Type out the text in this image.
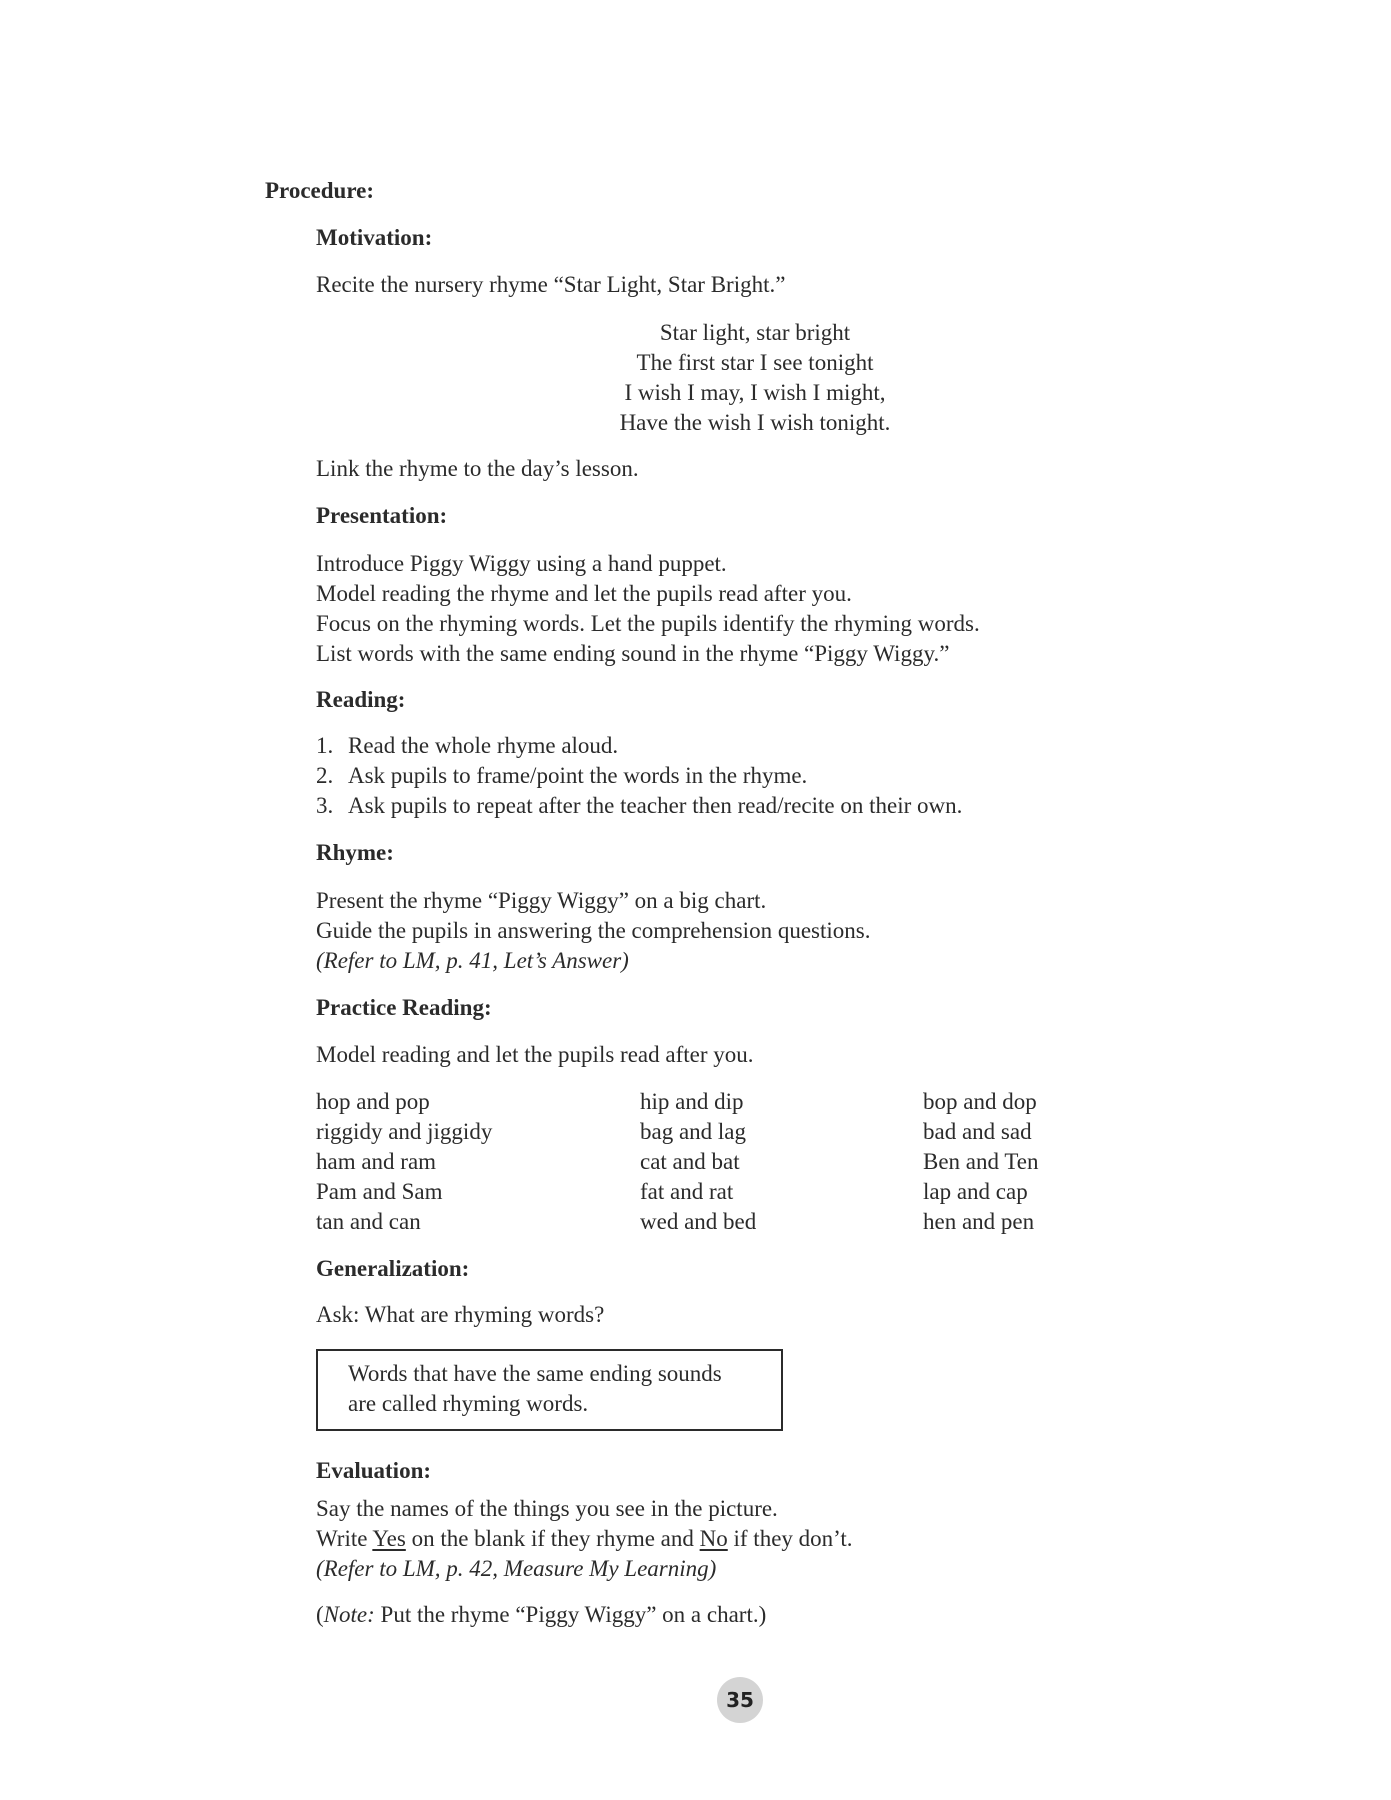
Procedure:
Motivation:
Recite the nursery rhyme “Star Light, Star Bright.”
Star light, star bright
The first star I see tonight
I wish I may, I wish I might,
Have the wish I wish tonight.
Link the rhyme to the day’s lesson.
Presentation:
Introduce Piggy Wiggy using a hand puppet.
Model reading the rhyme and let the pupils read after you.
Focus on the rhyming words. Let the pupils identify the rhyming words.
List words with the same ending sound in the rhyme “Piggy Wiggy.”
Reading:
1. Read the whole rhyme aloud.
2. Ask pupils to frame/point the words in the rhyme.
3. Ask pupils to repeat after the teacher then read/recite on their own.
Rhyme:
Present the rhyme “Piggy Wiggy” on a big chart.
Guide the pupils in answering the comprehension questions.
(Refer to LM, p. 41, Let’s Answer)
Practice Reading:
Model reading and let the pupils read after you.
hop and pop
riggidy and jiggidy
ham and ram
Pam and Sam
tan and can
hip and dip
bag and lag
cat and bat
fat and rat
wed and bed
bop and dop
bad and sad
Ben and Ten
lap and cap
hen and pen
Generalization:
Ask: What are rhyming words?
Words that have the same ending sounds
are called rhyming words.
Evaluation:
Say the names of the things you see in the picture.
Write Yes on the blank if they rhyme and No if they don’t.
(Refer to LM, p. 42, Measure My Learning)
(Note: Put the rhyme “Piggy Wiggy” on a chart.)
35
